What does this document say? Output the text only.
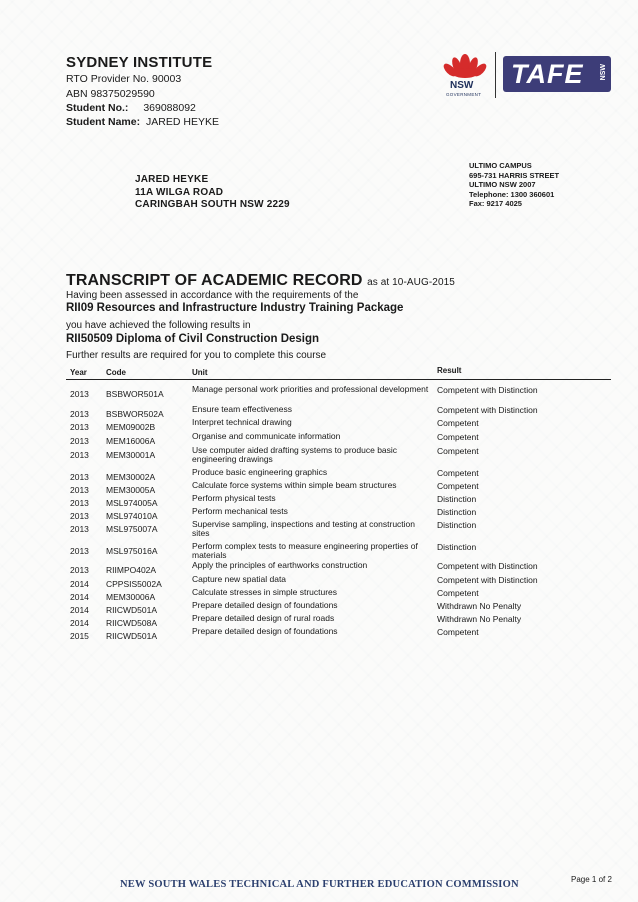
SYDNEY INSTITUTE
RTO Provider No. 90003
ABN 98375029590
Student No.: 369088092
Student Name: JARED HEYKE
NSW
GOVERNMENT
TAFE NSW
JARED HEYKE
11A WILGA ROAD
CARINGBAH SOUTH NSW 2229
ULTIMO CAMPUS
695-731 HARRIS STREET
ULTIMO NSW 2007
Telephone: 1300 360601
Fax: 9217 4025
TRANSCRIPT OF ACADEMIC RECORD as at 10-AUG-2015
Having been assessed in accordance with the requirements of the
RII09 Resources and Infrastructure Industry Training Package
you have achieved the following results in
RII50509 Diploma of Civil Construction Design
Further results are required for you to complete this course
Year Code	Unit	Result
2013 BSBWOR501A	Manage personal work priorities and professional development	Competent with Distinction
2013 BSBWOR502A	Ensure team effectiveness	Competent with Distinction
2013 MEM09002B	Interpret technical drawing	Competent
2013 MEM16006A	Organise and communicate information	Competent
2013 MEM30001A	Use computer aided drafting systems to produce basic engineering drawings
Competent
2013 MEM30002A	Produce basic engineering graphics	Competent
2013 MEM30005A	Calculate force systems within simple beam structures	Competent
2013 MSL974005A	Perform physical tests	Distinction
2013 MSL974010A	Perform mechanical tests	Distinction
2013 MSL975007A	Supervise sampling, inspections and testing at construction sites
Distinction
2013 MSL975016A	Perform complex tests to measure engineering properties of materials
Distinction
2013 RIIMPO402A	Apply the principles of earthworks construction	Competent with Distinction
2014 CPPSIS5002A	Capture new spatial data	Competent with Distinction
2014 MEM30006A	Calculate stresses in simple structures	Competent
2014 RIICWD501A	Prepare detailed design of foundations	Withdrawn No Penalty
2014 RIICWD508A	Prepare detailed design of rural roads	Withdrawn No Penalty
2015 RIICWD501A	Prepare detailed design of foundations	Competent
NEW SOUTH WALES TECHNICAL AND FURTHER EDUCATION COMMISSION	Page 1 of 2
